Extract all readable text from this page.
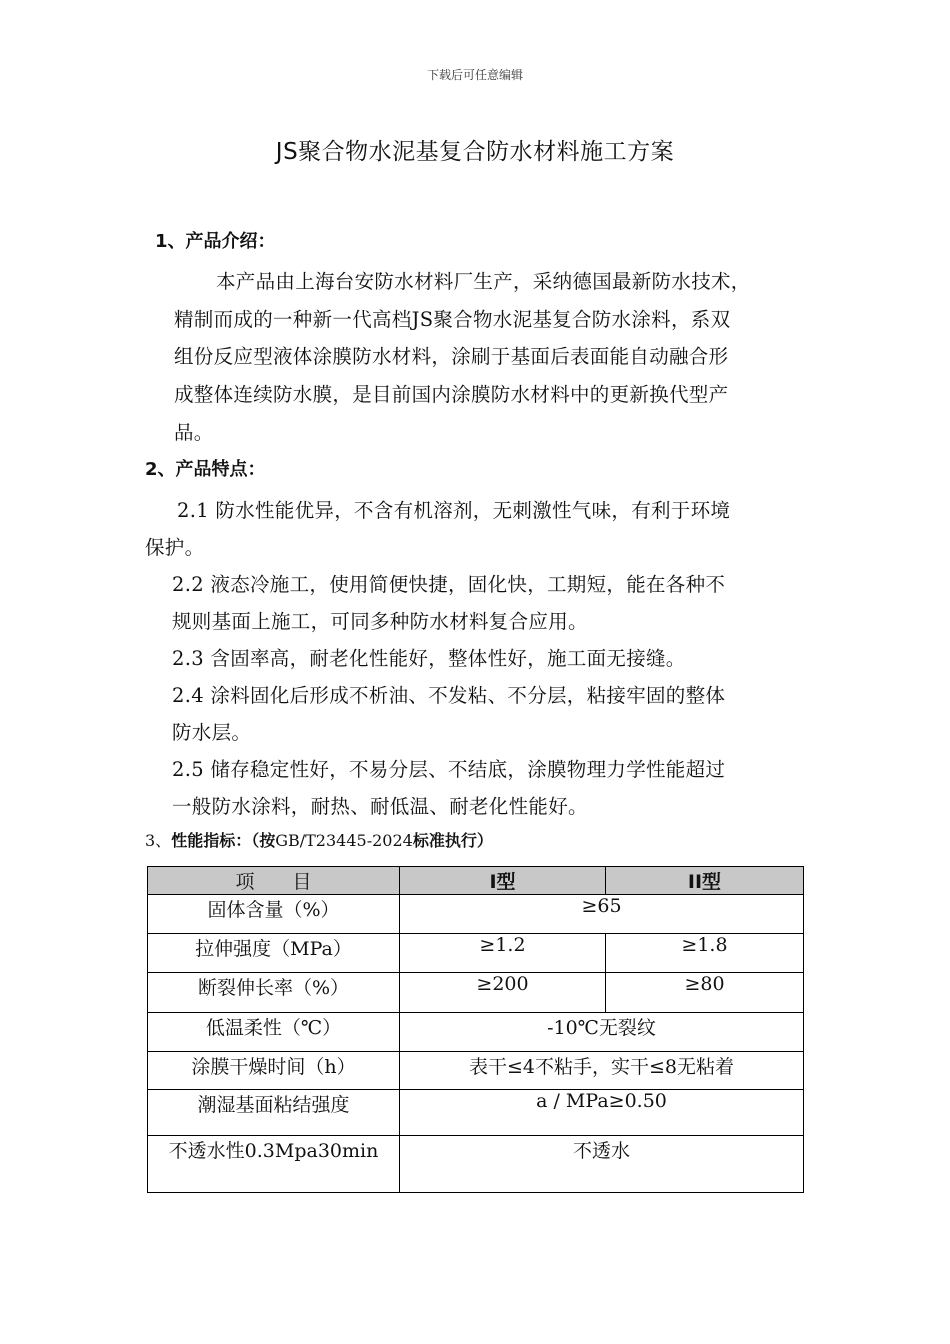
下载后可任意编辑
JS聚合物水泥基复合防水材料施工方案
1、产品介绍：
本产品由上海台安防水材料厂生产，采纳德国最新防水技术，
精制而成的一种新一代高档JS聚合物水泥基复合防水涂料，系双
组份反应型液体涂膜防水材料，涂刷于基面后表面能自动融合形
成整体连续防水膜，是目前国内涂膜防水材料中的更新换代型产
品。
2、产品特点：
2.1 防水性能优异，不含有机溶剂，无刺激性气味，有利于环境
保护。
2.2 液态冷施工，使用简便快捷，固化快，工期短，能在各种不
规则基面上施工，可同多种防水材料复合应用。
2.3 含固率高，耐老化性能好，整体性好，施工面无接缝。
2.4 涂料固化后形成不析油、不发粘、不分层，粘接牢固的整体
防水层。
2.5 储存稳定性好，不易分层、不结底，涂膜物理力学性能超过
一般防水涂料，耐热、耐低温、耐老化性能好。
3、性能指标：（按GB/T23445-2024标准执行）
项　　目	I型	II型
固体含量（%）	≥65	
拉伸强度（MPa）	≥1.2	≥1.8
断裂伸长率（%）	≥200	≥80
低温柔性（℃）	-10℃无裂纹	
涂膜干燥时间（h）	表干≤4不粘手，实干≤8无粘着	
潮湿基面粘结强度	a / MPa≥0.50	
不透水性0.3Mpa30min	不透水	
